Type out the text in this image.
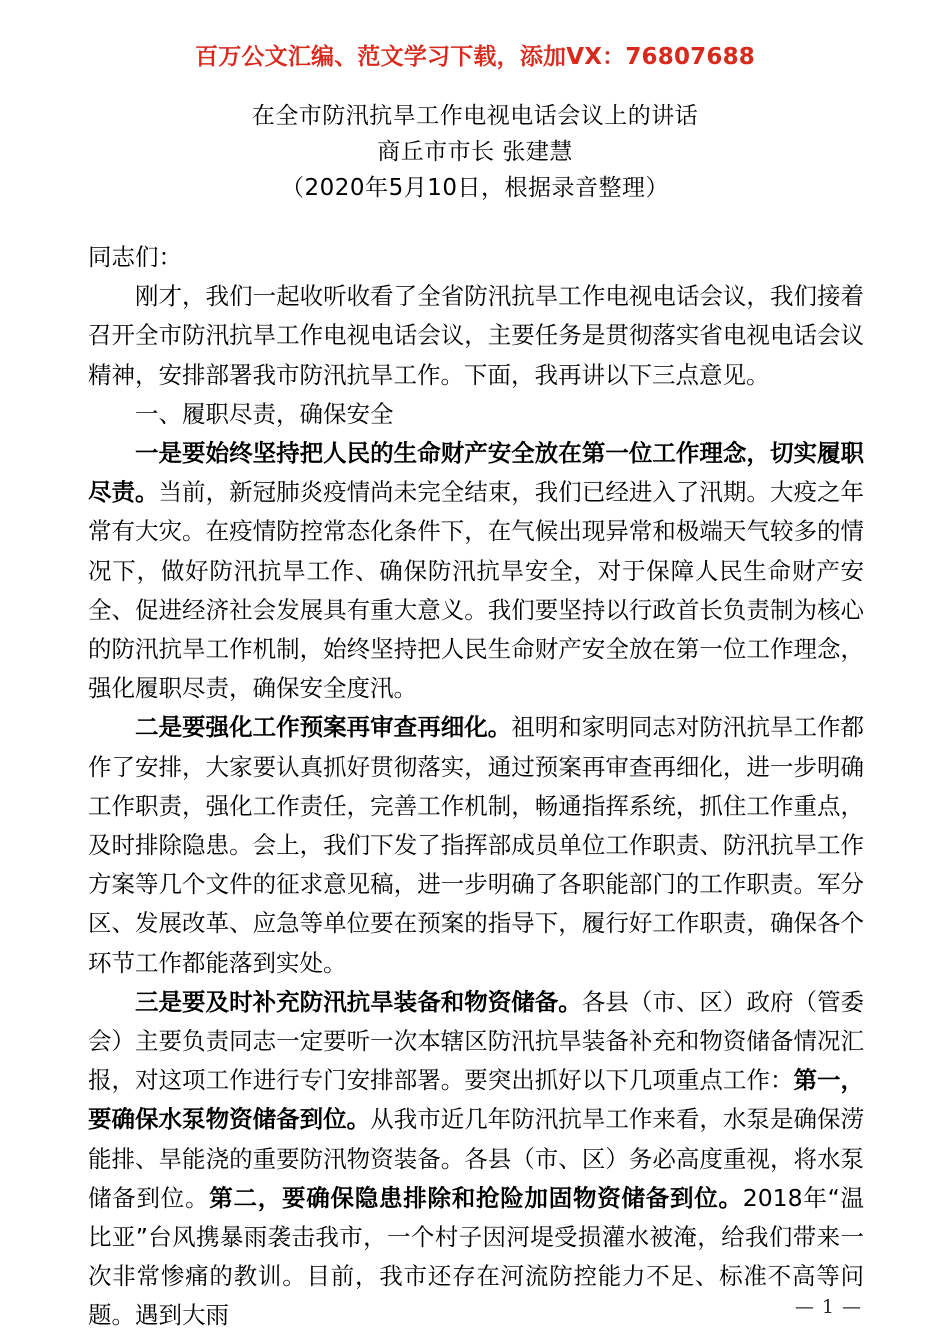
百万公文汇编、范文学习下载，添加VX：76807688
在全市防汛抗旱工作电视电话会议上的讲话
商丘市市长 张建慧
（2020年5月10日，根据录音整理）

同志们：

刚才，我们一起收听收看了全省防汛抗旱工作电视电话会议，我们接着召开全市防汛抗旱工作电视电话会议，主要任务是贯彻落实省电视电话会议精神，安排部署我市防汛抗旱工作。下面，我再讲以下三点意见。

一、履职尽责，确保安全

一是要始终坚持把人民的生命财产安全放在第一位工作理念，切实履职尽责。当前，新冠肺炎疫情尚未完全结束，我们已经进入了汛期。大疫之年常有大灾。在疫情防控常态化条件下，在气候出现异常和极端天气较多的情况下，做好防汛抗旱工作、确保防汛抗旱安全，对于保障人民生命财产安全、促进经济社会发展具有重大意义。我们要坚持以行政首长负责制为核心的防汛抗旱工作机制，始终坚持把人民生命财产安全放在第一位工作理念，强化履职尽责，确保安全度汛。

二是要强化工作预案再审查再细化。祖明和家明同志对防汛抗旱工作都作了安排，大家要认真抓好贯彻落实，通过预案再审查再细化，进一步明确工作职责，强化工作责任，完善工作机制，畅通指挥系统，抓住工作重点，及时排除隐患。会上，我们下发了指挥部成员单位工作职责、防汛抗旱工作方案等几个文件的征求意见稿，进一步明确了各职能部门的工作职责。军分区、发展改革、应急等单位要在预案的指导下，履行好工作职责，确保各个环节工作都能落到实处。

三是要及时补充防汛抗旱装备和物资储备。各县（市、区）政府（管委会）主要负责同志一定要听一次本辖区防汛抗旱装备补充和物资储备情况汇报，对这项工作进行专门安排部署。要突出抓好以下几项重点工作：第一，要确保水泵物资储备到位。从我市近几年防汛抗旱工作来看，水泵是确保涝能排、旱能浇的重要防汛物资装备。各县（市、区）务必高度重视，将水泵储备到位。第二，要确保隐患排除和抢险加固物资储备到位。2018年“温比亚”台风携暴雨袭击我市，一个村子因河堤受损灌水被淹，给我们带来一次非常惨痛的教训。目前，我市还存在河流防控能力不足、标准不高等问题。遇到大雨	— 1 —
